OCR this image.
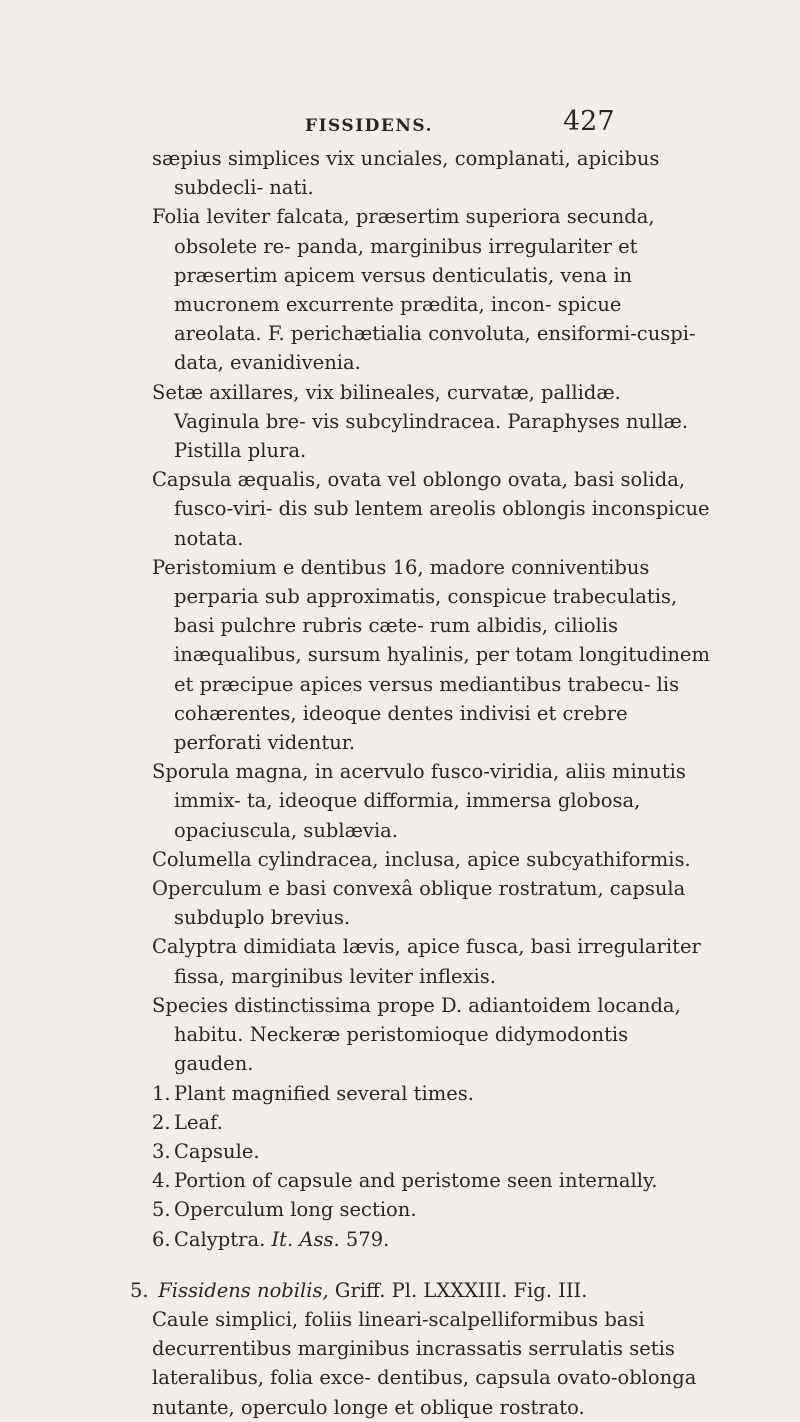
FISSIDENS.	427

sæpius simplices vix unciales, complanati, apicibus subdecli- nati.

Folia leviter falcata, præsertim superiora secunda, obsolete re- panda, marginibus irregulariter et præsertim apicem versus denticulatis, vena in mucronem excurrente prædita, incon- spicue areolata. F. perichætialia convoluta, ensiformi-cuspi- data, evanidivenia.

Setæ axillares, vix bilineales, curvatæ, pallidæ. Vaginula bre- vis subcylindracea. Paraphyses nullæ. Pistilla plura.

Capsula æqualis, ovata vel oblongo ovata, basi solida, fusco-viri- dis sub lentem areolis oblongis inconspicue notata.

Peristomium e dentibus 16, madore conniventibus perparia sub approximatis, conspicue trabeculatis, basi pulchre rubris cæte- rum albidis, ciliolis inæqualibus, sursum hyalinis, per totam longitudinem et præcipue apices versus mediantibus trabecu- lis cohærentes, ideoque dentes indivisi et crebre perforati videntur.

Sporula magna, in acervulo fusco-viridia, aliis minutis immix- ta, ideoque difformia, immersa globosa, opaciuscula, sublævia.

Columella cylindracea, inclusa, apice subcyathiformis.

Operculum e basi convexâ oblique rostratum, capsula subduplo brevius.

Calyptra dimidiata lævis, apice fusca, basi irregulariter fissa, marginibus leviter inflexis.

Species distinctissima prope D. adiantoidem locanda, habitu. Neckeræ peristomioque didymodontis gauden.

1. Plant magnified several times.
2. Leaf.
3. Capsule.
4. Portion of capsule and peristome seen internally.
5. Operculum long section.
6. Calyptra. It. Ass. 579.

5. Fissidens nobilis, Griff. Pl. LXXXIII. Fig. III.

Caule simplici, foliis lineari-scalpelliformibus basi decurrentibus marginibus incrassatis serrulatis setis lateralibus, folia exce- dentibus, capsula ovato-oblonga nutante, operculo longe et oblique rostrato.
